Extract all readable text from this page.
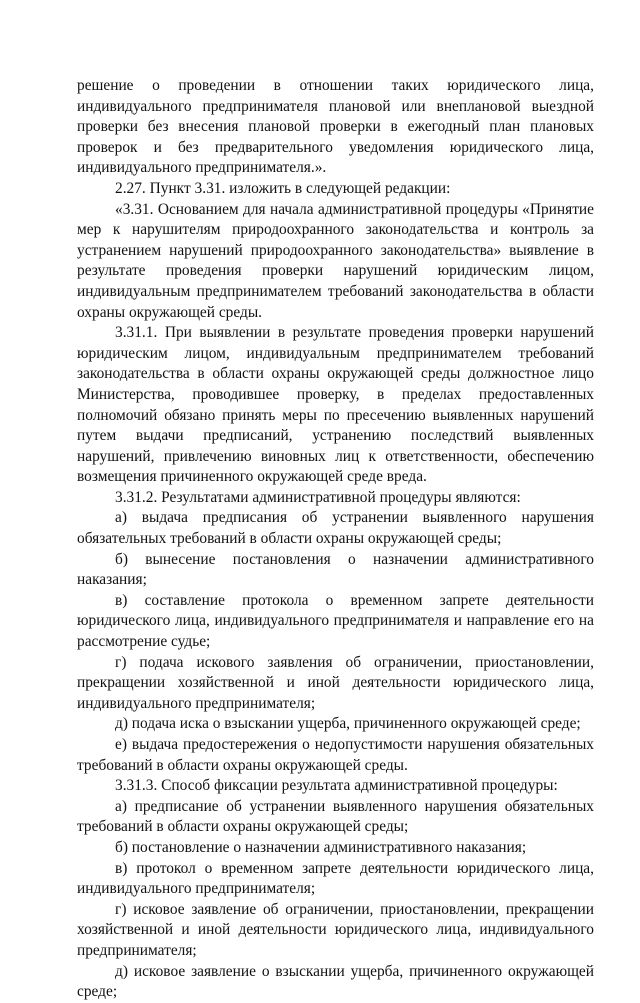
решение о проведении в отношении таких юридического лица, индивидуального предпринимателя плановой или внеплановой выездной проверки без внесения плановой проверки в ежегодный план плановых проверок и без предварительного уведомления юридического лица, индивидуального предпринимателя.».

2.27. Пункт 3.31. изложить в следующей редакции:

«3.31. Основанием для начала административной процедуры «Принятие мер к нарушителям природоохранного законодательства и контроль за устранением нарушений природоохранного законодательства» выявление в результате проведения проверки нарушений юридическим лицом, индивидуальным предпринимателем требований законодательства в области охраны окружающей среды.

3.31.1. При выявлении в результате проведения проверки нарушений юридическим лицом, индивидуальным предпринимателем требований законодательства в области охраны окружающей среды должностное лицо Министерства, проводившее проверку, в пределах предоставленных полномочий обязано принять меры по пресечению выявленных нарушений путем выдачи предписаний, устранению последствий выявленных нарушений, привлечению виновных лиц к ответственности, обеспечению возмещения причиненного окружающей среде вреда.

3.31.2. Результатами административной процедуры являются:

а) выдача предписания об устранении выявленного нарушения обязательных требований в области охраны окружающей среды;

б) вынесение постановления о назначении административного наказания;

в) составление протокола о временном запрете деятельности юридического лица, индивидуального предпринимателя и направление его на рассмотрение судье;

г) подача искового заявления об ограничении, приостановлении, прекращении хозяйственной и иной деятельности юридического лица, индивидуального предпринимателя;

д) подача иска о взыскании ущерба, причиненного окружающей среде;

е) выдача предостережения о недопустимости нарушения обязательных требований в области охраны окружающей среды.

3.31.3. Способ фиксации результата административной процедуры:

а) предписание об устранении выявленного нарушения обязательных требований в области охраны окружающей среды;

б) постановление о назначении административного наказания;

в) протокол о временном запрете деятельности юридического лица, индивидуального предпринимателя;

г) исковое заявление об ограничении, приостановлении, прекращении хозяйственной и иной деятельности юридического лица, индивидуального предпринимателя;

д) исковое заявление о взыскании ущерба, причиненного окружающей среде;
